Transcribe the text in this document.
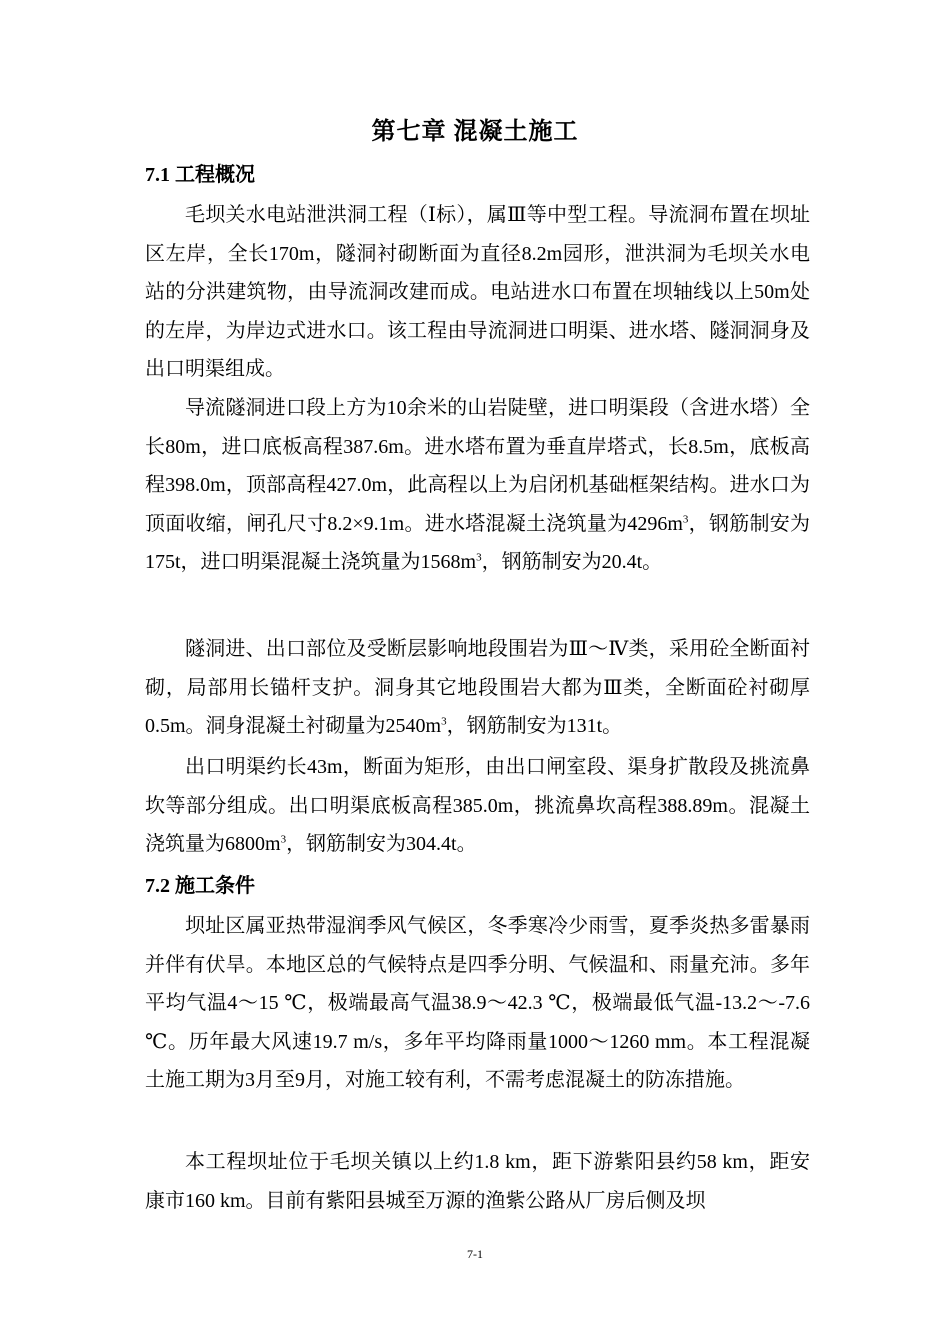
第七章 混凝土施工
7.1 工程概况

毛坝关水电站泄洪洞工程（Ⅰ标），属Ⅲ等中型工程。导流洞布置在坝址区左岸，全长170m，隧洞衬砌断面为直径8.2m园形，泄洪洞为毛坝关水电站的分洪建筑物，由导流洞改建而成。电站进水口布置在坝轴线以上50m处的左岸，为岸边式进水口。该工程由导流洞进口明渠、进水塔、隧洞洞身及出口明渠组成。

导流隧洞进口段上方为10余米的山岩陡壁，进口明渠段（含进水塔）全长80m，进口底板高程387.6m。进水塔布置为垂直岸塔式，长8.5m，底板高程398.0m，顶部高程427.0m，此高程以上为启闭机基础框架结构。进水口为顶面收缩，闸孔尺寸8.2×9.1m。进水塔混凝土浇筑量为$4296m^3$，钢筋制安为175t，进口明渠混凝土浇筑量为$1568m^3$，钢筋制安为20.4t。

隧洞进、出口部位及受断层影响地段围岩为Ⅲ～Ⅳ类，采用砼全断面衬砌，局部用长锚杆支护。洞身其它地段围岩大都为Ⅲ类，全断面砼衬砌厚0.5m。洞身混凝土衬砌量为$2540m^3$，钢筋制安为131t。

出口明渠约长43m，断面为矩形，由出口闸室段、渠身扩散段及挑流鼻坎等部分组成。出口明渠底板高程385.0m，挑流鼻坎高程388.89m。混凝土浇筑量为$6800m^3$，钢筋制安为304.4t。

7.2 施工条件

坝址区属亚热带湿润季风气候区，冬季寒冷少雨雪，夏季炎热多雷暴雨并伴有伏旱。本地区总的气候特点是四季分明、气候温和、雨量充沛。多年平均气温4～15 ℃，极端最高气温38.9～42.3 ℃，极端最低气温-13.2～-7.6 ℃。历年最大风速19.7 m/s，多年平均降雨量1000～1260 mm。本工程混凝土施工期为3月至9月，对施工较有利，不需考虑混凝土的防冻措施。

本工程坝址位于毛坝关镇以上约1.8 km，距下游紫阳县约58 km，距安康市160 km。目前有紫阳县城至万源的渔紫公路从厂房后侧及坝

7-1
